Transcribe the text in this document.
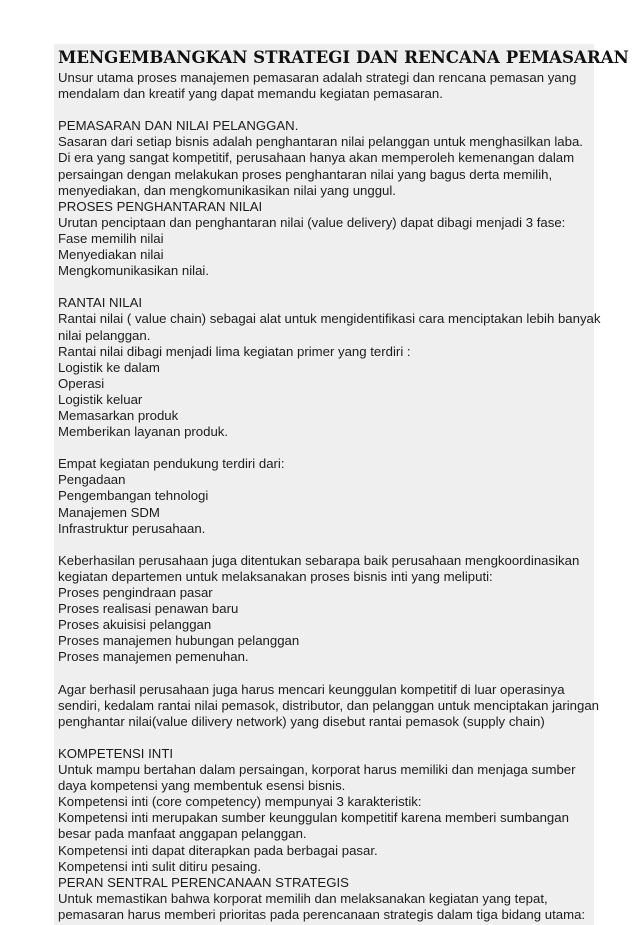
MENGEMBANGKAN STRATEGI DAN RENCANA PEMASARAN
Unsur utama proses manajemen pemasaran adalah strategi dan rencana pemasan yang
mendalam dan kreatif yang dapat memandu kegiatan pemasaran.
PEMASARAN DAN NILAI PELANGGAN.
Sasaran dari setiap bisnis adalah penghantaran nilai pelanggan untuk menghasilkan laba.
Di era yang sangat kompetitif, perusahaan hanya akan memperoleh kemenangan dalam
persaingan dengan melakukan proses penghantaran nilai yang bagus derta memilih,
menyediakan, dan mengkomunikasikan nilai yang unggul.
PROSES PENGHANTARAN NILAI
Urutan penciptaan dan penghantaran nilai (value delivery) dapat dibagi menjadi 3 fase:
Fase memilih nilai
Menyediakan nilai
Mengkomunikasikan nilai.
RANTAI NILAI
Rantai nilai ( value chain) sebagai alat untuk mengidentifikasi cara menciptakan lebih banyak
nilai pelanggan.
Rantai nilai dibagi menjadi lima kegiatan primer yang terdiri :
Logistik ke dalam
Operasi
Logistik keluar
Memasarkan produk
Memberikan layanan produk.
Empat kegiatan pendukung terdiri dari:
Pengadaan
Pengembangan tehnologi
Manajemen SDM
Infrastruktur perusahaan.
Keberhasilan perusahaan juga ditentukan sebarapa baik perusahaan mengkoordinasikan
kegiatan departemen untuk melaksanakan proses bisnis inti yang meliputi:
Proses pengindraan pasar
Proses realisasi penawan baru
Proses akuisisi pelanggan
Proses manajemen hubungan pelanggan
Proses manajemen pemenuhan.
Agar berhasil perusahaan juga harus mencari keunggulan kompetitif di luar operasinya
sendiri, kedalam rantai nilai pemasok, distributor, dan pelanggan untuk menciptakan jaringan
penghantar nilai(value dilivery network) yang disebut rantai pemasok (supply chain)
KOMPETENSI INTI
Untuk mampu bertahan dalam persaingan, korporat harus memiliki dan menjaga sumber
daya kompetensi yang membentuk esensi bisnis.
Kompetensi inti (core competency) mempunyai 3 karakteristik:
Kompetensi inti merupakan sumber keunggulan kompetitif karena memberi sumbangan
besar pada manfaat anggapan pelanggan.
Kompetensi inti dapat diterapkan pada berbagai pasar.
Kompetensi inti sulit ditiru pesaing.
PERAN SENTRAL PERENCANAAN STRATEGIS
Untuk memastikan bahwa korporat memilih dan melaksanakan kegiatan yang tepat,
pemasaran harus memberi prioritas pada perencanaan strategis dalam tiga bidang utama:
